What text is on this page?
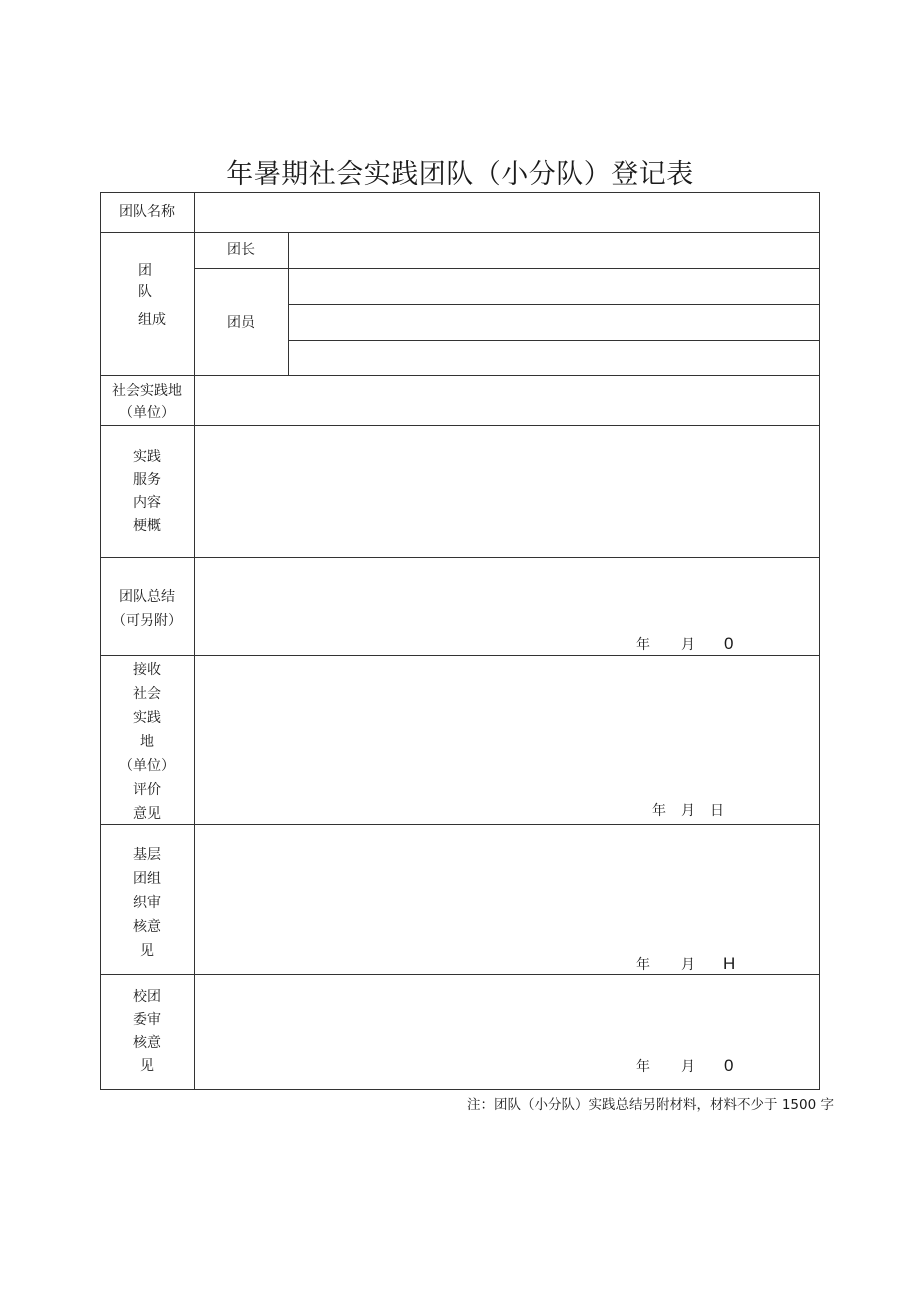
年暑期社会实践团队（小分队）登记表
团队名称
团
队
组成
团长
团员
社会实践地
（单位）
实践
服务
内容
梗概
团队总结
（可另附）
接收
社会
实践
地
（单位）
评价
意见
基层
团组
织审
核意
见
校团
委审
核意
见
年 月 0
年 月 日
年 月 H
年 月 0
注：团队（小分队）实践总结另附材料，材料不少于 1500 字
